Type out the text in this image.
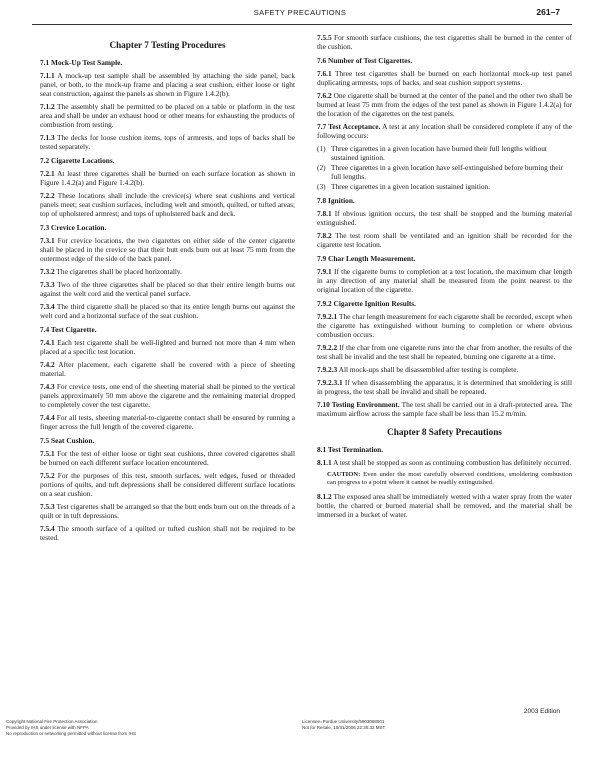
SAFETY PRECAUTIONS	261–7
Chapter 7 Testing Procedures
7.1 Mock-Up Test Sample.
7.1.1 A mock-up test sample shall be assembled by attaching the side panel, back panel, or both, to the mock-up frame and placing a seat cushion, either loose or tight seat construction, against the panels as shown in Figure 1.4.2(b).
7.1.2 The assembly shall be permitted to be placed on a table or platform in the test area and shall be under an exhaust hood or other means for exhausting the products of combustion from testing.
7.1.3 The decks for loose cushion items, tops of armrests, and tops of backs shall be tested separately.
7.2 Cigarette Locations.
7.2.1 At least three cigarettes shall be burned on each surface location as shown in Figure 1.4.2(a) and Figure 1.4.2(b).
7.2.2 These locations shall include the crevice(s) where seat cushions and vertical panels meet; seat cushion surfaces, including welt and smooth, quilted, or tufted areas; top of upholstered armrest; and tops of upholstered back and deck.
7.3 Crevice Location.
7.3.1 For crevice locations, the two cigarettes on either side of the center cigarette shall be placed in the crevice so that their butt ends burn out at least 75 mm from the outermost edge of the side of the back panel.
7.3.2 The cigarettes shall be placed horizontally.
7.3.3 Two of the three cigarettes shall be placed so that their entire length burns out against the welt cord and the vertical panel surface.
7.3.4 The third cigarette shall be placed so that its entire length burns out against the welt cord and a horizontal surface of the seat cushion.
7.4 Test Cigarette.
7.4.1 Each test cigarette shall be well-lighted and burned not more than 4 mm when placed at a specific test location.
7.4.2 After placement, each cigarette shall be covered with a piece of sheeting material.
7.4.3 For crevice tests, one end of the sheeting material shall be pinned to the vertical panels approximately 50 mm above the cigarette and the remaining material dropped to completely cover the test cigarette.
7.4.4 For all tests, sheeting material-to-cigarette contact shall be ensured by running a finger across the full length of the covered cigarette.
7.5 Seat Cushion.
7.5.1 For the test of either loose or tight seat cushions, three covered cigarettes shall be burned on each different surface location encountered.
7.5.2 For the purposes of this test, smooth surfaces, welt edges, fused or threaded portions of quilts, and tuft depressions shall be considered different surface locations on a seat cushion.
7.5.3 Test cigarettes shall be arranged so that the butt ends burn out on the threads of a quilt or in tuft depressions.
7.5.4 The smooth surface of a quilted or tufted cushion shall not be required to be tested.
7.5.5 For smooth surface cushions, the test cigarettes shall be burned in the center of the cushion.
7.6 Number of Test Cigarettes.
7.6.1 Three test cigarettes shall be burned on each horizontal mock-up test panel duplicating armrests, tops of backs, and seat cushion support systems.
7.6.2 One cigarette shall be burned at the center of the panel and the other two shall be burned at least 75 mm from the edges of the test panel as shown in Figure 1.4.2(a) for the location of the cigarettes on the test panels.
7.7 Test Acceptance. A test at any location shall be considered complete if any of the following occurs:
(1) Three cigarettes in a given location have burned their full lengths without sustained ignition.
(2) Three cigarettes in a given location have self-extinguished before burning their full lengths.
(3) Three cigarettes in a given location sustained ignition.
7.8 Ignition.
7.8.1 If obvious ignition occurs, the test shall be stopped and the burning material extinguished.
7.8.2 The test room shall be ventilated and an ignition shall be recorded for the cigarette test location.
7.9 Char Length Measurement.
7.9.1 If the cigarette burns to completion at a test location, the maximum char length in any direction of any material shall be measured from the point nearest to the original location of the cigarette.
7.9.2 Cigarette Ignition Results.
7.9.2.1 The char length measurement for each cigarette shall be recorded, except when the cigarette has extinguished without burning to completion or where obvious combustion occurs.
7.9.2.2 If the char from one cigarette runs into the char from another, the results of the test shall be invalid and the test shall be repeated, burning one cigarette at a time.
7.9.2.3 All mock-ups shall be disassembled after testing is complete.
7.9.2.3.1 If when disassembling the apparatus, it is determined that smoldering is still in progress, the test shall be invalid and shall be repeated.
7.10 Testing Environment. The test shall be carried out in a draft-protected area. The maximum airflow across the sample face shall be less than 15.2 m/min.
Chapter 8 Safety Precautions
8.1 Test Termination.
8.1.1 A test shall be stopped as soon as continuing combustion has definitely occurred.
CAUTION: Even under the most carefully observed conditions, smoldering combustion can progress to a point where it cannot be readily extinguished.
8.1.2 The exposed area shall be immediately wetted with a water spray from the water bottle, the charred or burned material shall be removed, and the material shall be immersed in a bucket of water.
2003 Edition
Copyright National Fire Protection Association
Provided by IHS under license with NFPA
No reproduction or networking permitted without license from IHS
Licensee=Purdue University/5903068001
Not for Resale, 10/31/2006 22:30:32 MST
